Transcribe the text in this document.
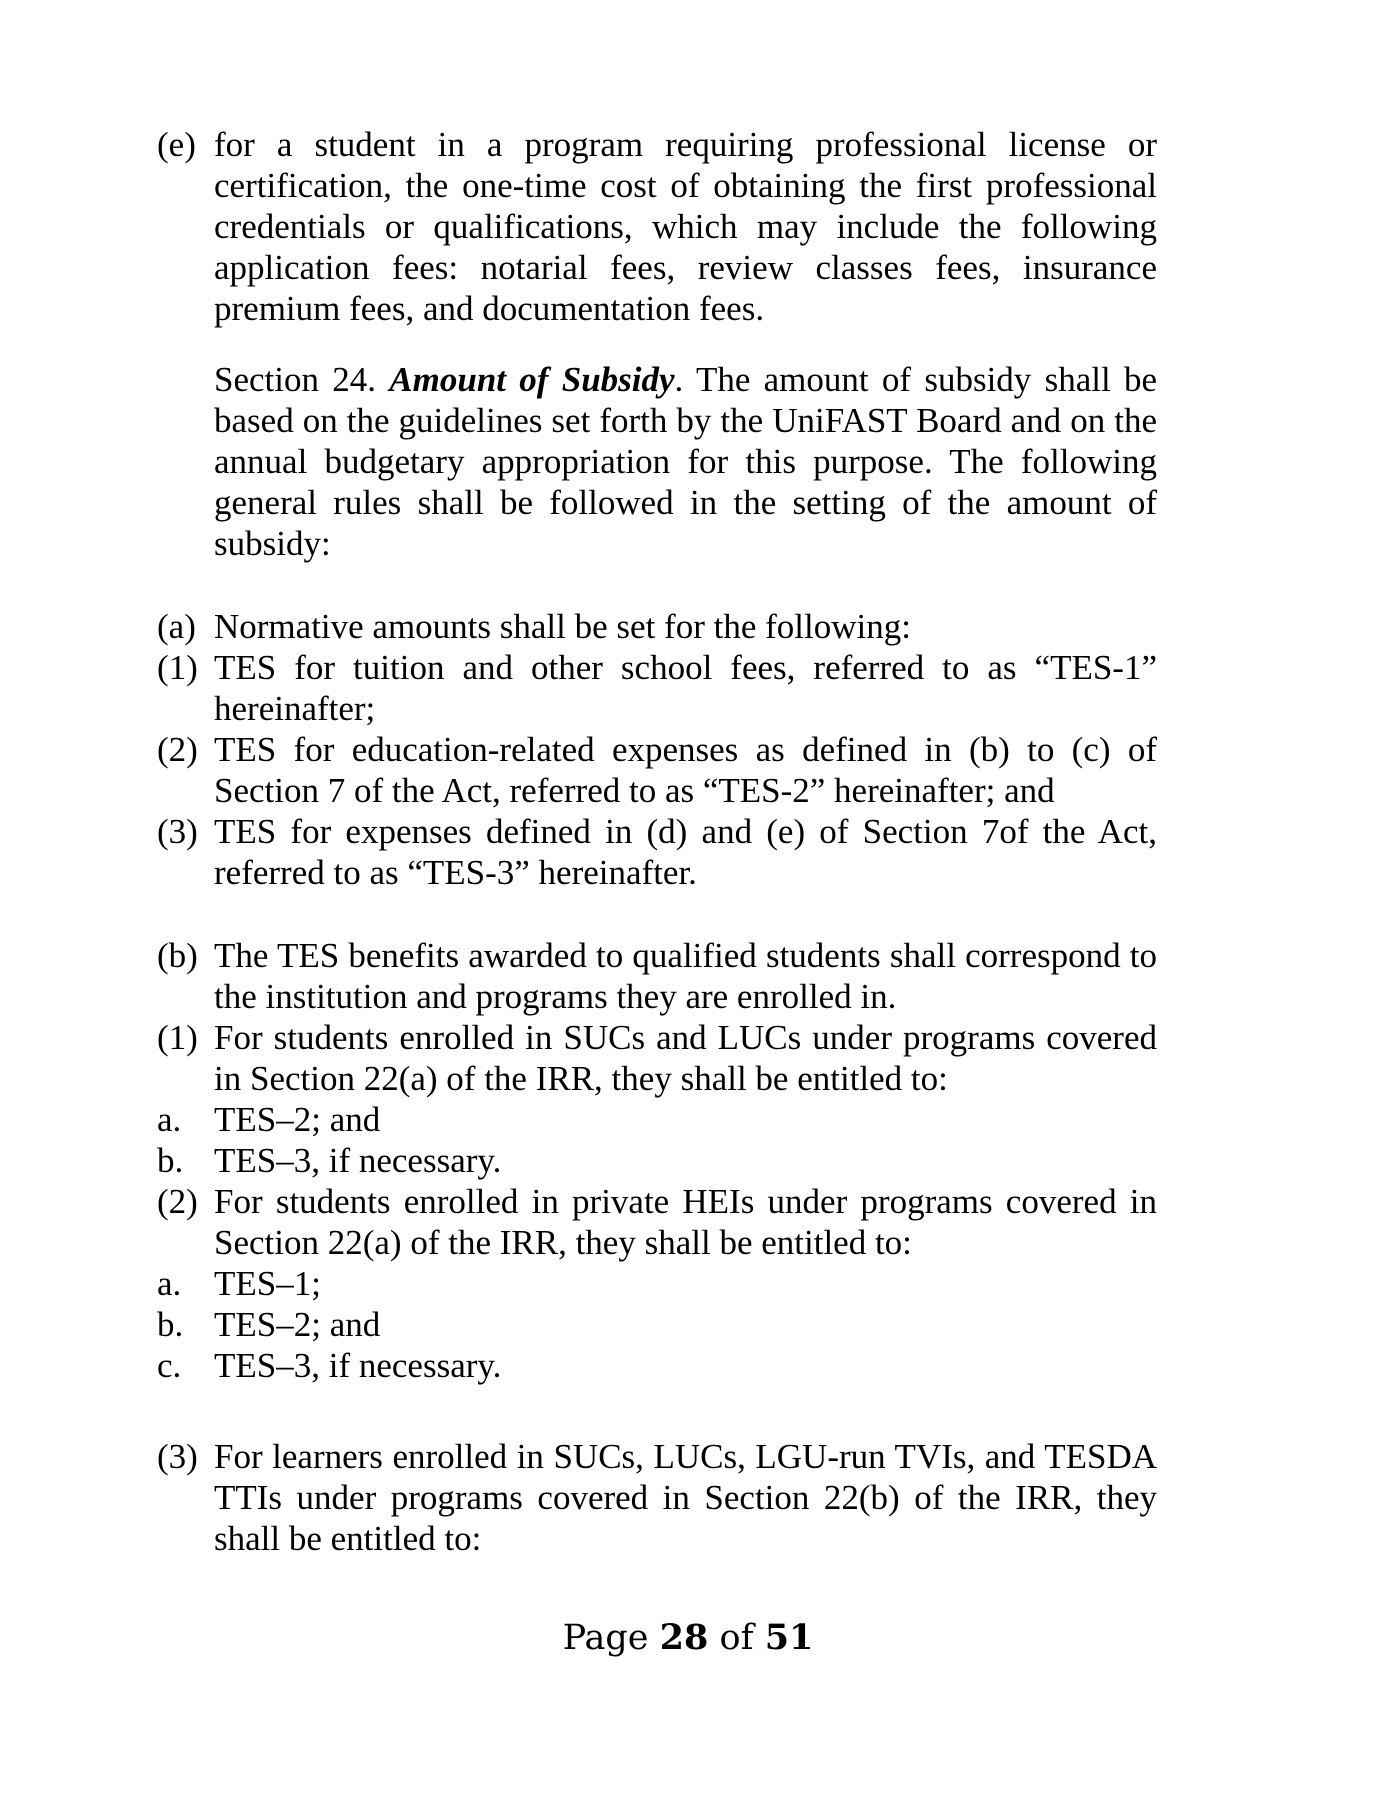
(e) for a student in a program requiring professional license or certification, the one-time cost of obtaining the first professional credentials or qualifications, which may include the following application fees: notarial fees, review classes fees, insurance premium fees, and documentation fees.

Section 24. Amount of Subsidy. The amount of subsidy shall be based on the guidelines set forth by the UniFAST Board and on the annual budgetary appropriation for this purpose. The following general rules shall be followed in the setting of the amount of subsidy:

(a) Normative amounts shall be set for the following:
(1) TES for tuition and other school fees, referred to as “TES-1” hereinafter;
(2) TES for education-related expenses as defined in (b) to (c) of Section 7 of the Act, referred to as “TES-2” hereinafter; and
(3) TES for expenses defined in (d) and (e) of Section 7of the Act, referred to as “TES-3” hereinafter.
(b) The TES benefits awarded to qualified students shall correspond to the institution and programs they are enrolled in.
(1) For students enrolled in SUCs and LUCs under programs covered in Section 22(a) of the IRR, they shall be entitled to:
a. TES–2; and
b. TES–3, if necessary.
(2) For students enrolled in private HEIs under programs covered in Section 22(a) of the IRR, they shall be entitled to:
a. TES–1;
b. TES–2; and
c. TES–3, if necessary.
(3) For learners enrolled in SUCs, LUCs, LGU-run TVIs, and TESDA TTIs under programs covered in Section 22(b) of the IRR, they shall be entitled to:
Page 28 of 51
